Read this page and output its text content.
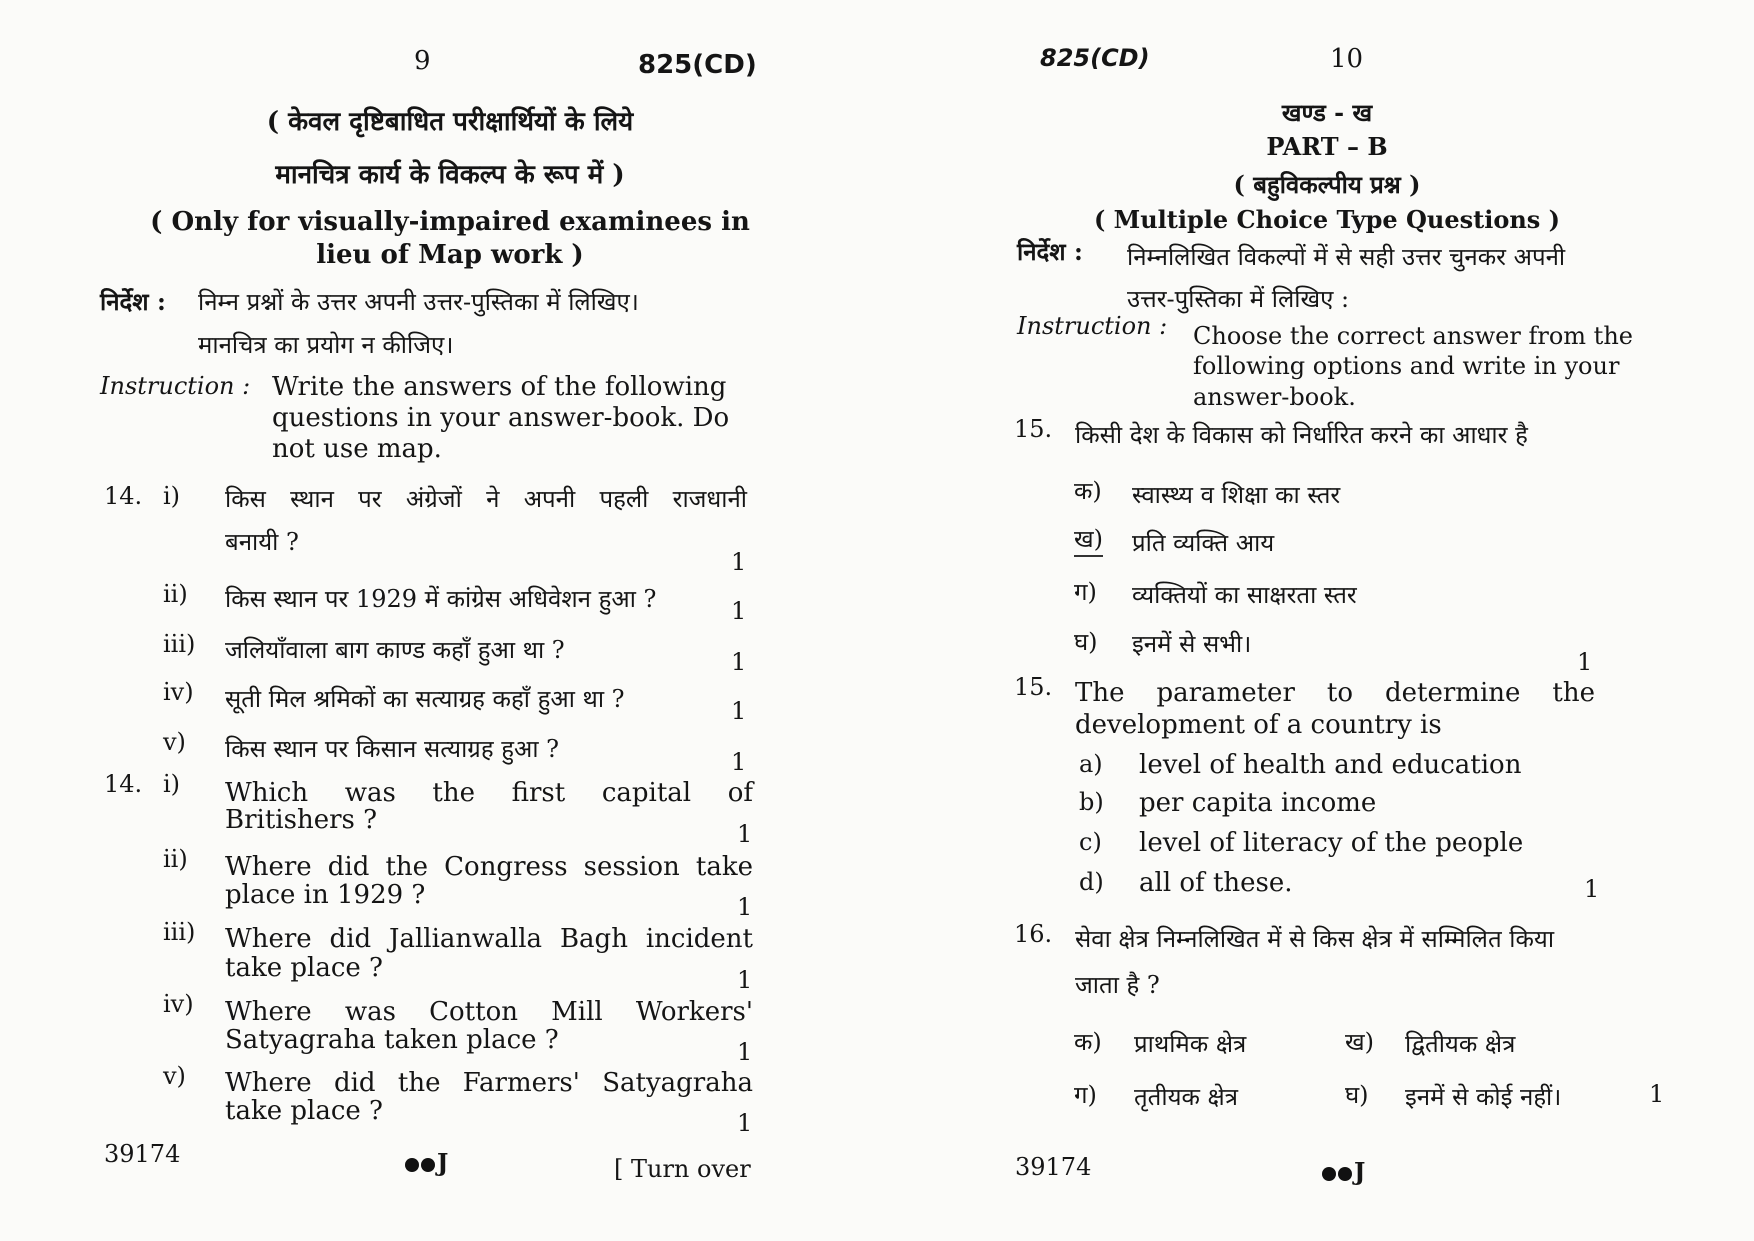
9	825(CD)
( केवल दृष्टिबाधित परीक्षार्थियों के लिये
मानचित्र कार्य के विकल्प के रूप में )
( Only for visually-impaired examinees in
lieu of Map work )
निर्देश : निम्न प्रश्नों के उत्तर अपनी उत्तर-पुस्तिका में लिखिए।
मानचित्र का प्रयोग न कीजिए।
Instruction : Write the answers of the following questions in your answer-book. Do not use map.
14. i) किस स्थान पर अंग्रेजों ने अपनी पहली राजधानी
बनायी ?
1
ii) किस स्थान पर 1929 में कांग्रेस अधिवेशन हुआ ?	1
iii) जलियाँवाला बाग काण्ड कहाँ हुआ था ?	1
iv) सूती मिल श्रमिकों का सत्याग्रह कहाँ हुआ था ?	1
v) किस स्थान पर किसान सत्याग्रह हुआ ?	1
14. i) Which was the first capital of
Britishers ?	1
ii) Where did the Congress session take
place in 1929 ?	1
iii) Where did Jallianwalla Bagh incident
take place ?	1
iv) Where was Cotton Mill Workers'
Satyagraha taken place ?	1
v) Where did the Farmers' Satyagraha
take place ?	1
39174	J	[ Turn over
825(CD)	10
खण्ड - ख
PART – B
( बहुविकल्पीय प्रश्न )
( Multiple Choice Type Questions )
निर्देश : निम्नलिखित विकल्पों में से सही उत्तर चुनकर अपनी
उत्तर-पुस्तिका में लिखिए :
Instruction : Choose the correct answer from the
following options and write in your
answer-book.
15. किसी देश के विकास को निर्धारित करने का आधार है
क) स्वास्थ्य व शिक्षा का स्तर
ख) प्रति व्यक्ति आय
ग) व्यक्तियों का साक्षरता स्तर
घ) इनमें से सभी।
1
15. The parameter to determine the
development of a country is
a) level of health and education
b) per capita income
c) level of literacy of the people
d) all of these.	1
16. सेवा क्षेत्र निम्नलिखित में से किस क्षेत्र में सम्मिलित किया
जाता है ?
क) प्राथमिक क्षेत्र	ख) द्वितीयक क्षेत्र
ग) तृतीयक क्षेत्र	घ) इनमें से कोई नहीं।	1
39174	J
